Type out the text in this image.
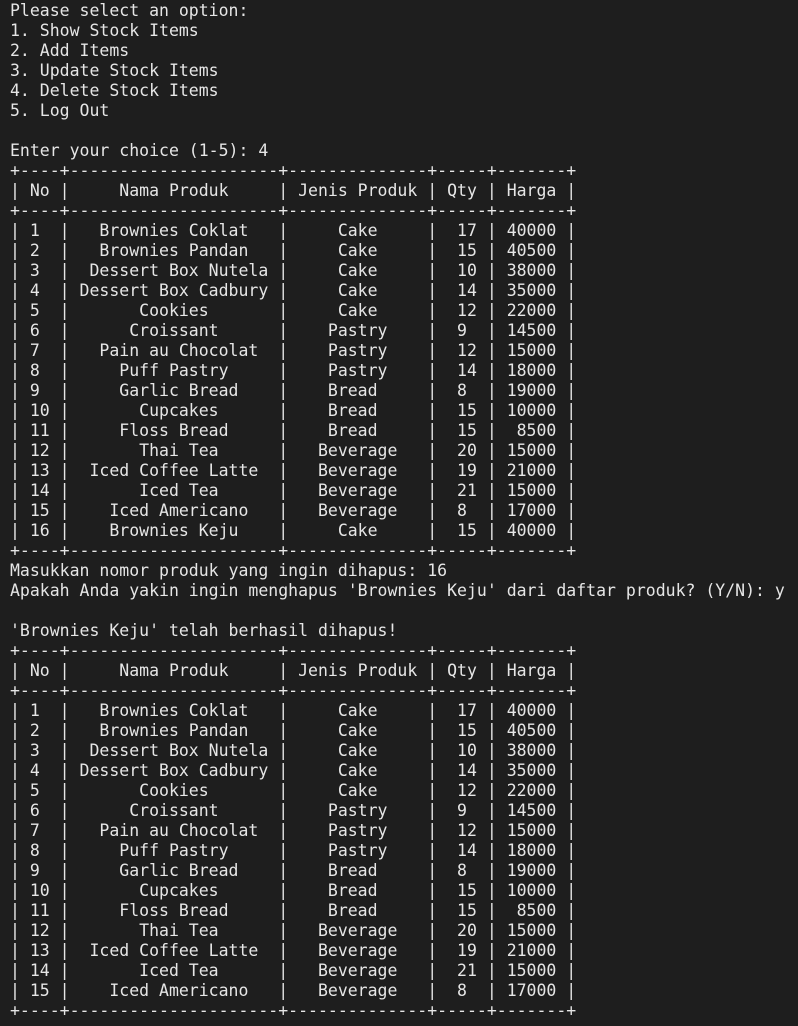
Please select an option:
1. Show Stock Items
2. Add Items
3. Update Stock Items
4. Delete Stock Items
5. Log Out
Enter your choice (1-5): 4
+----+---------------------+--------------+-----+-------+
| No |     Nama Produk     | Jenis Produk | Qty | Harga |
+----+---------------------+--------------+-----+-------+
| 1  |   Brownies Coklat   |     Cake     |  17 | 40000 |
| 2  |   Brownies Pandan   |     Cake     |  15 | 40500 |
| 3  |  Dessert Box Nutela |     Cake     |  10 | 38000 |
| 4  | Dessert Box Cadbury |     Cake     |  14 | 35000 |
| 5  |       Cookies       |     Cake     |  12 | 22000 |
| 6  |      Croissant      |    Pastry    |  9  | 14500 |
| 7  |   Pain au Chocolat  |    Pastry    |  12 | 15000 |
| 8  |     Puff Pastry     |    Pastry    |  14 | 18000 |
| 9  |     Garlic Bread    |    Bread     |  8  | 19000 |
| 10 |       Cupcakes      |    Bread     |  15 | 10000 |
| 11 |     Floss Bread     |    Bread     |  15 |  8500 |
| 12 |       Thai Tea      |   Beverage   |  20 | 15000 |
| 13 |  Iced Coffee Latte  |   Beverage   |  19 | 21000 |
| 14 |       Iced Tea      |   Beverage   |  21 | 15000 |
| 15 |    Iced Americano   |   Beverage   |  8  | 17000 |
| 16 |    Brownies Keju    |     Cake     |  15 | 40000 |
+----+---------------------+--------------+-----+-------+
Masukkan nomor produk yang ingin dihapus: 16
Apakah Anda yakin ingin menghapus 'Brownies Keju' dari daftar produk? (Y/N): y
'Brownies Keju' telah berhasil dihapus!
+----+---------------------+--------------+-----+-------+
| No |     Nama Produk     | Jenis Produk | Qty | Harga |
+----+---------------------+--------------+-----+-------+
| 1  |   Brownies Coklat   |     Cake     |  17 | 40000 |
| 2  |   Brownies Pandan   |     Cake     |  15 | 40500 |
| 3  |  Dessert Box Nutela |     Cake     |  10 | 38000 |
| 4  | Dessert Box Cadbury |     Cake     |  14 | 35000 |
| 5  |       Cookies       |     Cake     |  12 | 22000 |
| 6  |      Croissant      |    Pastry    |  9  | 14500 |
| 7  |   Pain au Chocolat  |    Pastry    |  12 | 15000 |
| 8  |     Puff Pastry     |    Pastry    |  14 | 18000 |
| 9  |     Garlic Bread    |    Bread     |  8  | 19000 |
| 10 |       Cupcakes      |    Bread     |  15 | 10000 |
| 11 |     Floss Bread     |    Bread     |  15 |  8500 |
| 12 |       Thai Tea      |   Beverage   |  20 | 15000 |
| 13 |  Iced Coffee Latte  |   Beverage   |  19 | 21000 |
| 14 |       Iced Tea      |   Beverage   |  21 | 15000 |
| 15 |    Iced Americano   |   Beverage   |  8  | 17000 |
+----+---------------------+--------------+-----+-------+
